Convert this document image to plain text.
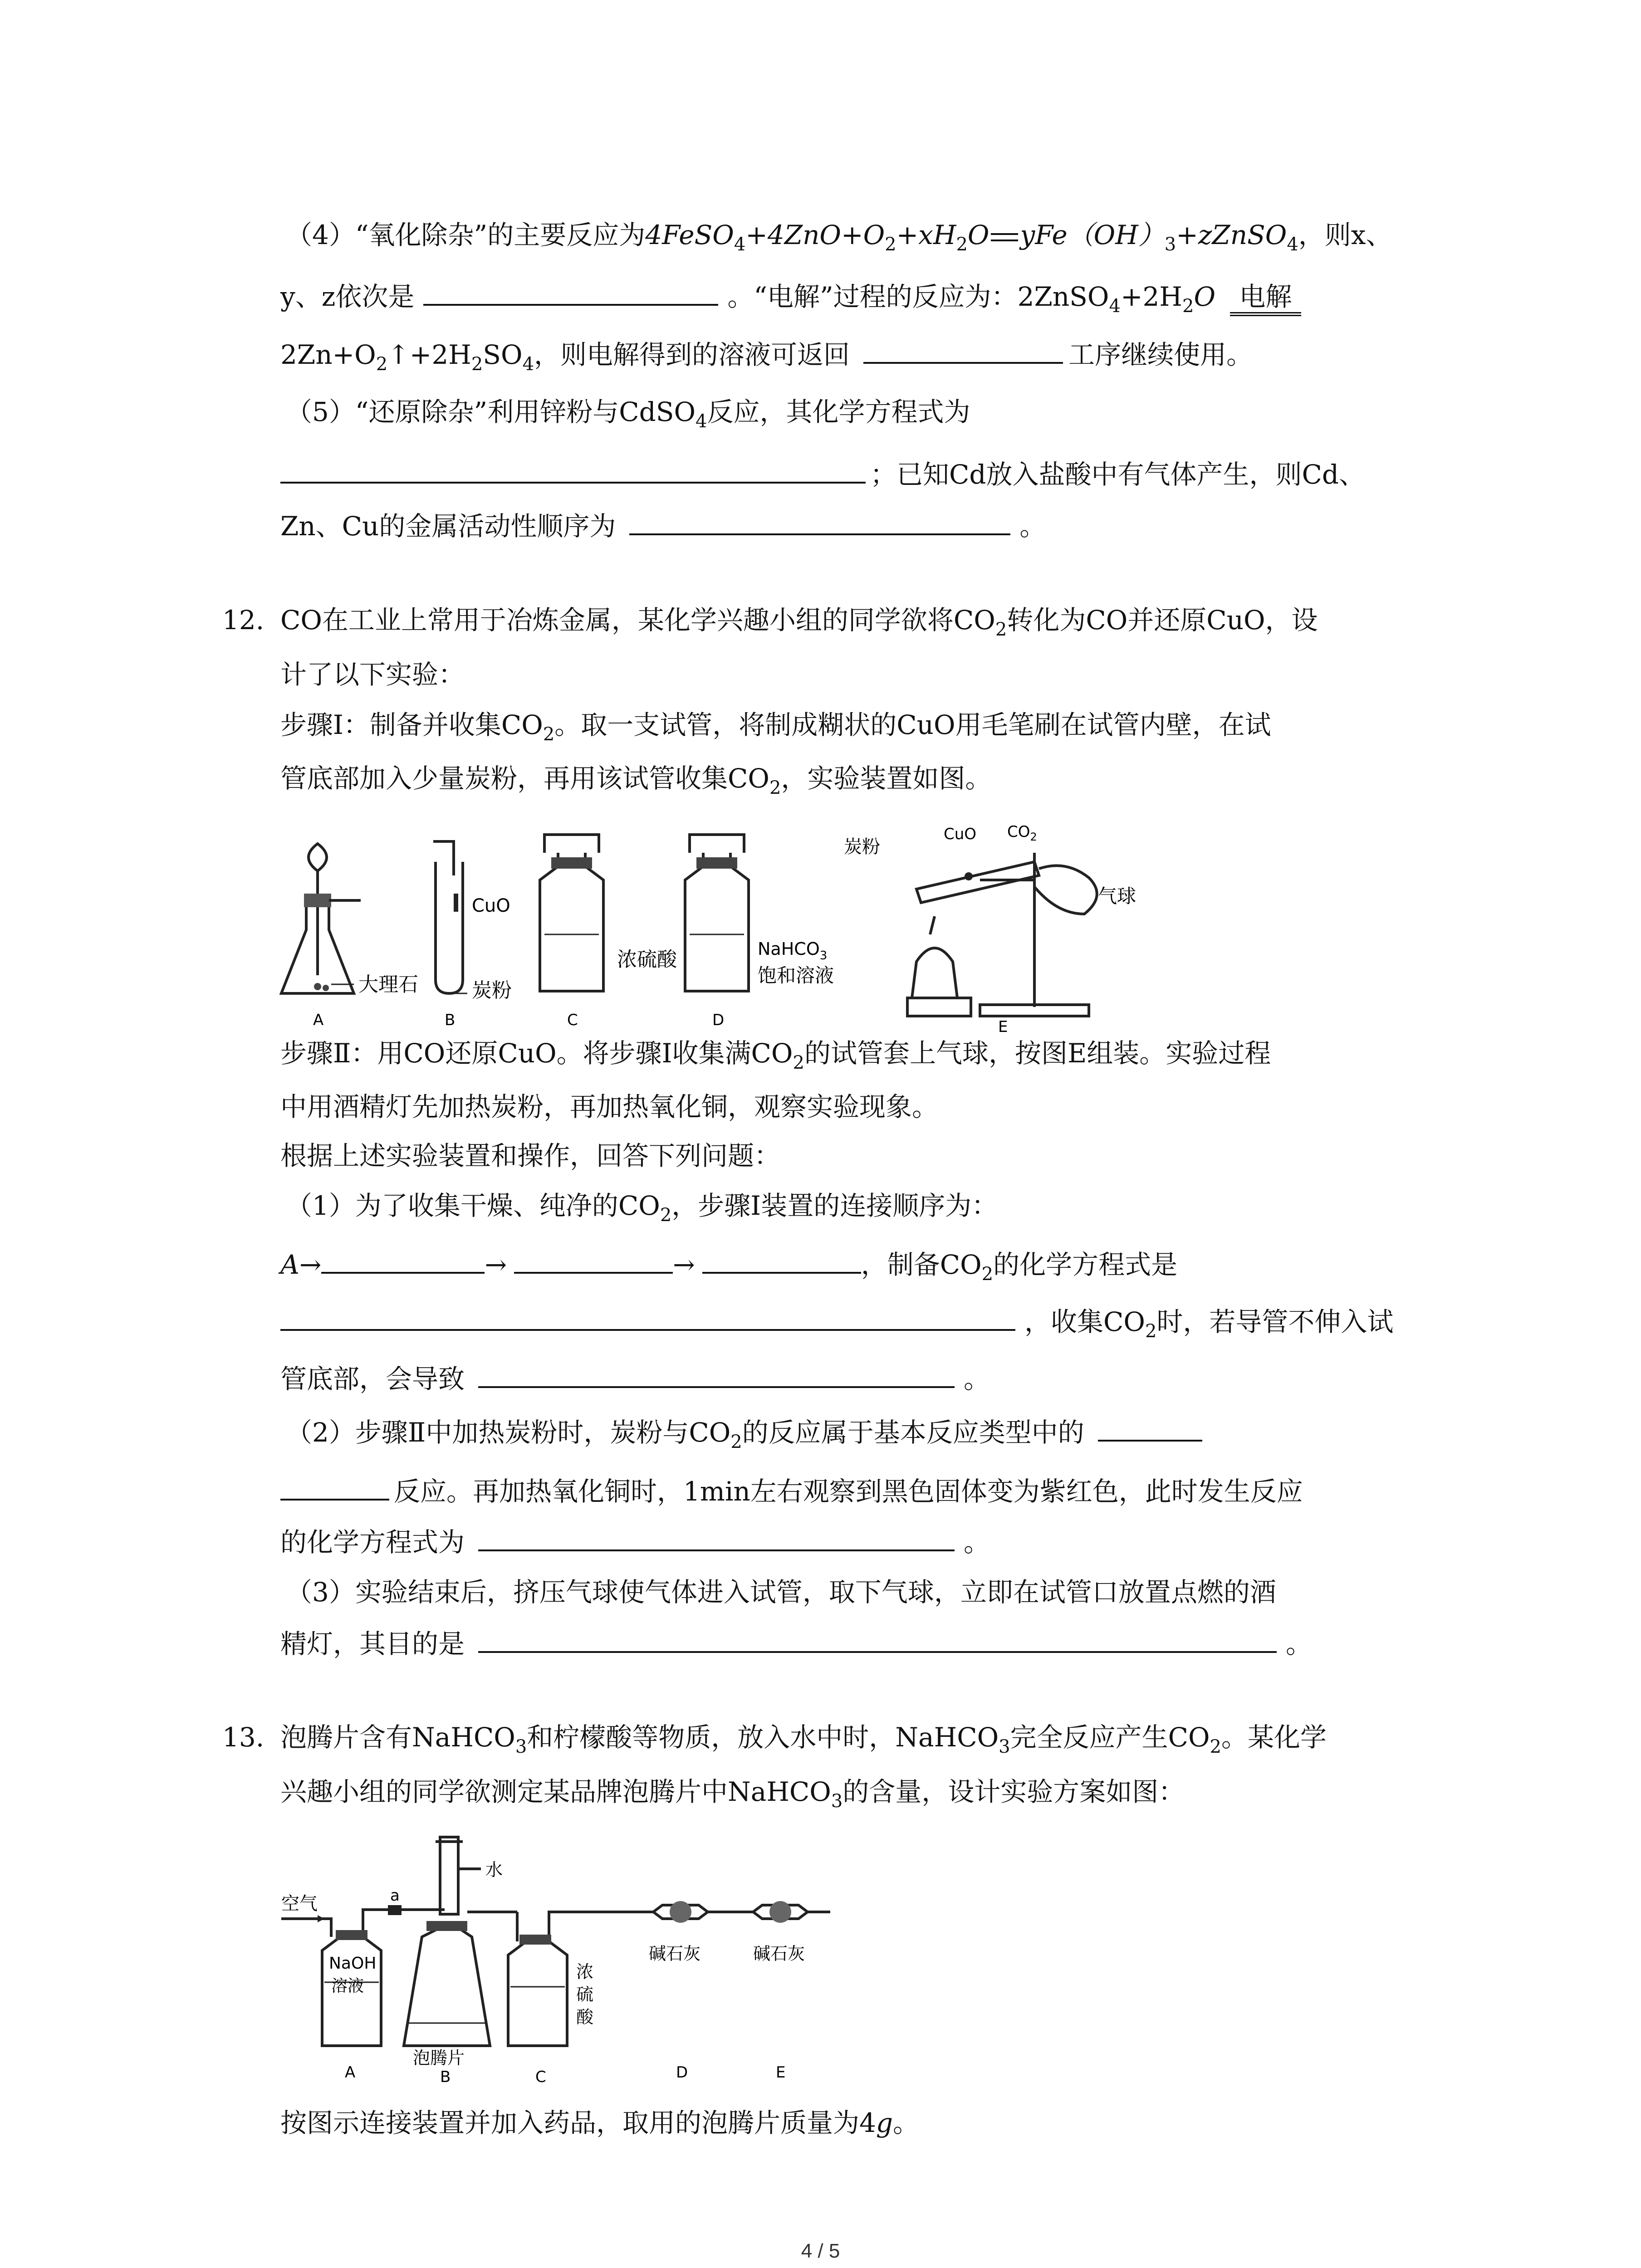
（4）“氧化除杂”的主要反应为$4FeSO_4+4ZnO+O_2+xH_2O$ $yFe(OH)_3+zZnSO_4$，则x、
y、z依次是	。“电解”过程的反应为：$2ZnSO_4+2H_2O$ 电解
$2Zn+O_2↑+2H_2SO_4$，则电解得到的溶液可返回	工序继续使用。
（5）“还原除杂”利用锌粉与CdSO$_4$反应，其化学方程式为
；已知Cd放入盐酸中有气体产生，则Cd、
Zn、Cu的金属活动性顺序为	。
12. CO在工业上常用于冶炼金属，某化学兴趣小组的同学欲将$CO_2$转化为CO并还原CuO，设
计了以下实验：
步骤Ⅰ：制备并收集$CO_2$。取一支试管，将制成糊状的CuO用毛笔刷在试管内壁，在试
管底部加入少量炭粉，再用该试管收集$CO_2$，实验装置如图。
大理石
A
CuO
炭粉
B
浓硫酸
C
NaHCO$_3$
饱和溶液
D
炭粉
CuO $CO_2$
气球
E
步骤Ⅱ：用CO还原CuO。将步骤Ⅰ收集满$CO_2$的试管套上气球，按图E组装。实验过程
中用酒精灯先加热炭粉，再加热氧化铜，观察实验现象。
根据上述实验装置和操作，回答下列问题：
（1）为了收集干燥、纯净的$CO_2$，步骤Ⅰ装置的连接顺序为：
A→	→	→	，制备$CO_2$的化学方程式是
，收集$CO_2$时，若导管不伸入试
管底部，会导致	。
（2）步骤Ⅱ中加热炭粉时，炭粉与$CO_2$的反应属于基本反应类型中的
反应。再加热氧化铜时，1min左右观察到黑色固体变为紫红色，此时发生反应
的化学方程式为	。
（3）实验结束后，挤压气球使气体进入试管，取下气球，立即在试管口放置点燃的酒
精灯，其目的是	。
13. 泡腾片含有NaHCO$_3$和柠檬酸等物质，放入水中时，NaHCO$_3$完全反应产生$CO_2$。某化学
兴趣小组的同学欲测定某品牌泡腾片中NaHCO$_3$的含量，设计实验方案如图：
空气
NaOH
溶液
A
a
水
泡腾片
B
浓
硫
酸
C
碱石灰
D
碱石灰
E
按图示连接装置并加入药品，取用的泡腾片质量为4g。
4 / 5
